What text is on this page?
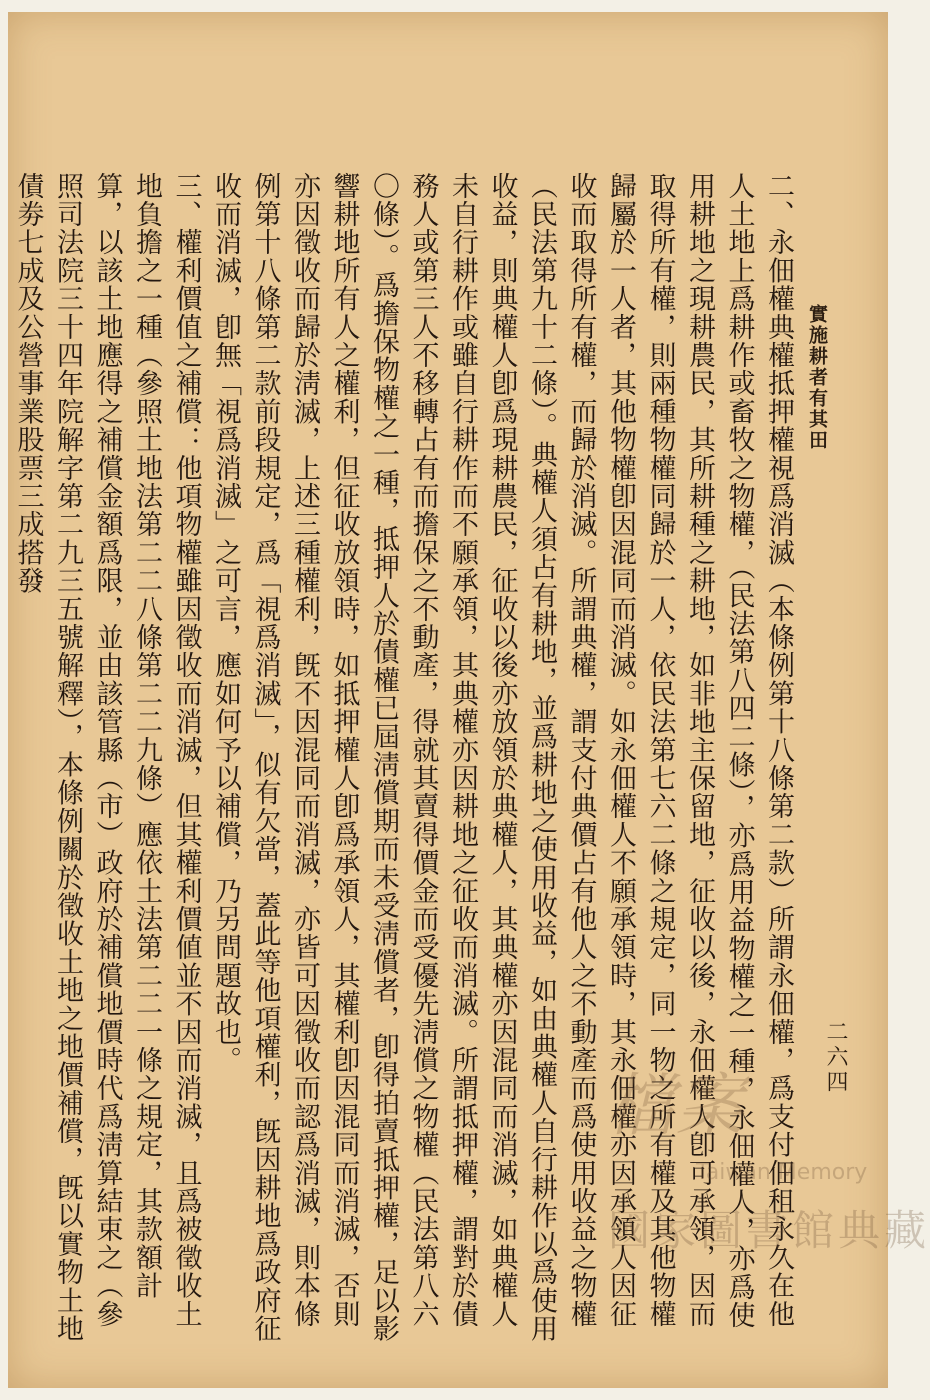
實施耕者有其田
二六四

二、永佃權典權抵押權視爲消滅（本條例第十八條第二款）所謂永佃權，爲支付佃租永久在他人土地上爲耕作或畜牧之物權，（民法第八四二條），亦爲用益物權之一種，永佃權人，亦爲使用耕地之現耕農民，其所耕種之耕地，如非地主保留地，征收以後，永佃權人卽可承領，因而取得所有權，則兩種物權同歸於一人，依民法第七六二條之規定，同一物之所有權及其他物權歸屬於一人者，其他物權卽因混同而消滅。如永佃權人不願承領時，其永佃權亦因承領人因征收而取得所有權，而歸於消滅。所謂典權，謂支付典價占有他人之不動產而爲使用收益之物權（民法第九十二條）。典權人須占有耕地，並爲耕地之使用收益，如由典權人自行耕作以爲使用收益，則典權人卽爲現耕農民，征收以後亦放領於典權人，其典權亦因混同而消滅，如典權人未自行耕作或雖自行耕作而不願承領，其典權亦因耕地之征收而消滅。所謂抵押權，謂對於債務人或第三人不移轉占有而擔保之不動產，得就其賣得價金而受優先淸償之物權（民法第八六〇條）。爲擔保物權之一種，抵押人於債權已屆淸償期而未受淸償者，卽得拍賣抵押權，足以影響耕地所有人之權利，但征收放領時，如抵押權人卽爲承領人，其權利卽因混同而消滅，否則亦因徵收而歸於淸滅，上述三種權利，旣不因混同而消滅，亦皆可因徵收而認爲消滅，則本條例第十八條第二款前段規定，爲「視爲消滅」，似有欠當，蓋此等他項權利，旣因耕地爲政府征收而消滅，卽無「視爲消滅」之可言，應如何予以補償，乃另問題故也。

三、權利價值之補償：他項物權雖因徵收而消滅，但其權利價値並不因而消滅，且爲被徵收土地負擔之一種（參照土地法第二二八條第二二九條）應依土法第二二一條之規定，其款額計算，以該土地應得之補償金額爲限，並由該管縣（市）政府於補償地價時代爲淸算結束之（參照司法院三十四年院解字第二九三五號解釋），本條例關於徵收土地之地價補償，旣以實物土地債劵七成及公營事業股票三成搭發

檔案
Taiwan Memory
國家圖書館典藏
